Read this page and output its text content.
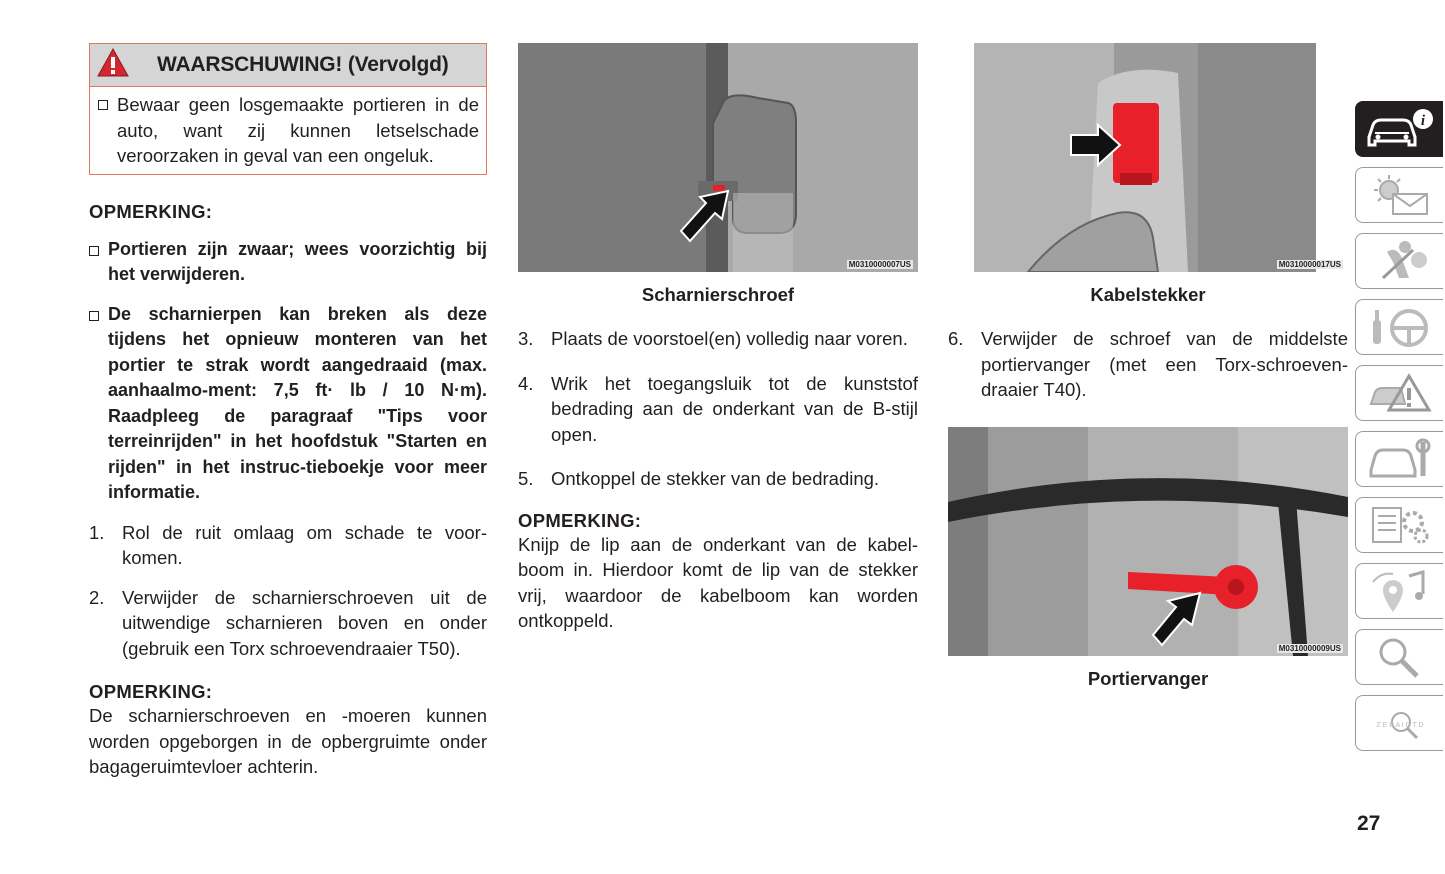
WAARSCHUWING! (Vervolgd)
Bewaar geen losgemaakte portieren in de auto, want zij kunnen letselschade veroorzaken in geval van een ongeluk.
OPMERKING:
Portieren zijn zwaar; wees voorzichtig bij het verwijderen.
De scharnierpen kan breken als deze tijdens het opnieuw monteren van het portier te strak wordt aangedraaid (max. aanhaalmo-ment: 7,5 ft· lb / 10 N·m). Raadpleeg de paragraaf "Tips voor terreinrijden" in het hoofdstuk "Starten en rijden" in het instruc-tieboekje voor meer informatie.
1. Rol de ruit omlaag om schade te voor-komen.
2. Verwijder de scharnierschroeven uit de uitwendige scharnieren boven en onder (gebruik een Torx schroevendraaier T50).
OPMERKING:
De scharnierschroeven en -moeren kunnen worden opgeborgen in de opbergruimte onder bagageruimtevloer achterin.
M0310000007US
Scharnierschroef
3. Plaats de voorstoel(en) volledig naar voren.
4. Wrik het toegangsluik tot de kunststof bedrading aan de onderkant van de B-stijl open.
5. Ontkoppel de stekker van de bedrading.
OPMERKING:
Knijp de lip aan de onderkant van de kabel-boom in. Hierdoor komt de lip van de stekker vrij, waardoor de kabelboom kan worden ontkoppeld.
M0310000017US
Kabelstekker
6. Verwijder de schroef van de middelste portiervanger (met een Torx-schroeven-draaier T40).
M0310000009US
Portiervanger
i
Z E B A I C T D
27
